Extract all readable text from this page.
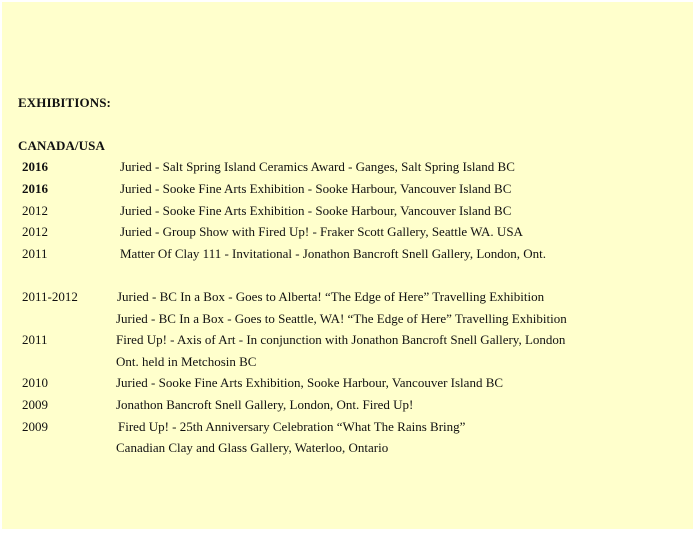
EXHIBITIONS:
CANADA/USA
2016	Juried - Salt Spring Island Ceramics Award - Ganges, Salt Spring Island BC
2016	Juried - Sooke Fine Arts Exhibition - Sooke Harbour, Vancouver Island BC
2012	Juried - Sooke Fine Arts Exhibition - Sooke Harbour, Vancouver Island BC
2012	Juried - Group Show with Fired Up! - Fraker Scott Gallery, Seattle WA. USA
2011	Matter Of Clay 111 - Invitational - Jonathon Bancroft Snell Gallery, London, Ont.
2011-2012	Juried - BC In a Box - Goes to Alberta! “The Edge of Here” Travelling Exhibition
Juried - BC In a Box - Goes to Seattle, WA! “The Edge of Here” Travelling Exhibition
2011	Fired Up! - Axis of Art - In conjunction with Jonathon Bancroft Snell Gallery, London
Ont. held in Metchosin BC
2010	Juried - Sooke Fine Arts Exhibition, Sooke Harbour, Vancouver Island BC
2009	Jonathon Bancroft Snell Gallery, London, Ont. Fired Up!
2009	Fired Up! - 25th Anniversary Celebration “What The Rains Bring”
Canadian Clay and Glass Gallery, Waterloo, Ontario
